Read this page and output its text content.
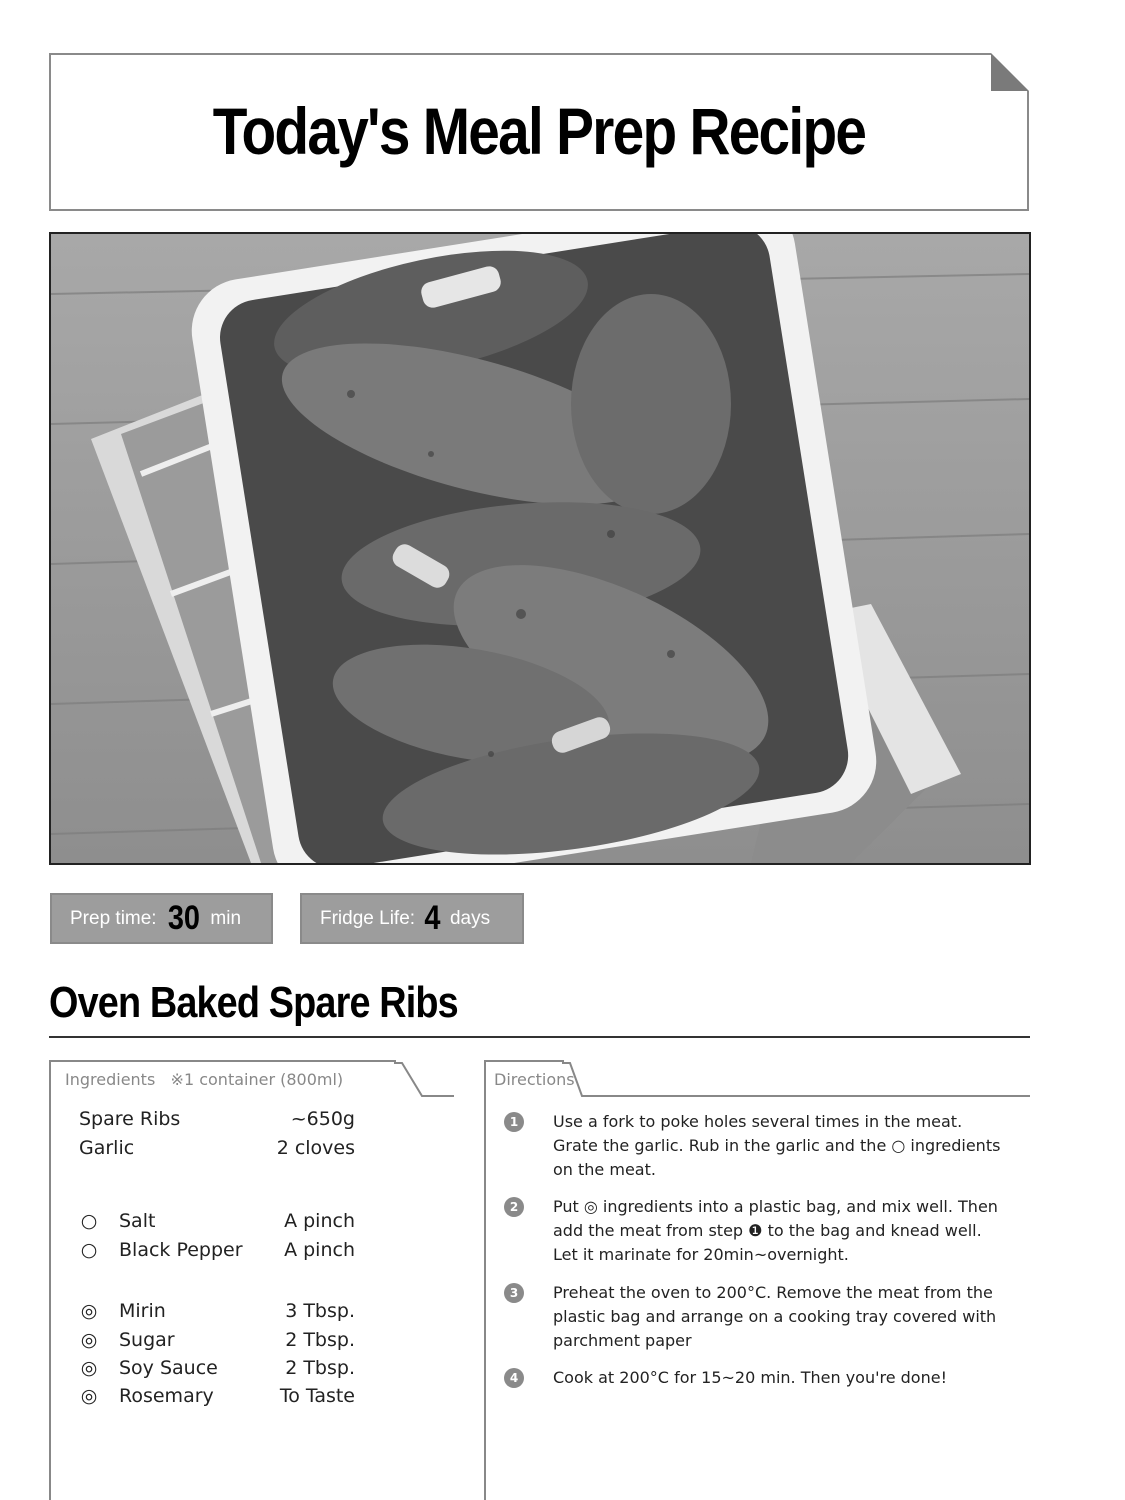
Today's Meal Prep Recipe
Prep time: 30 min	Fridge Life: 4 days
Oven Baked Spare Ribs
Ingredients ※1 container (800ml)
Spare Ribs	~650g
Garlic	2 cloves
○ Salt	A pinch
○ Black Pepper A pinch
◎ Mirin	3 Tbsp.
◎ Sugar	2 Tbsp.
◎ Soy Sauce	2 Tbsp.
◎ Rosemary	To Taste
Directions
1	Use a fork to poke holes several times in the meat. Grate the garlic. Rub in the garlic and the ○ ingredients on the meat.
2	Put ◎ ingredients into a plastic bag, and mix well. Then add the meat from step ❶ to the bag and knead well. Let it marinate for 20min~overnight.
3	Preheat the oven to 200°C. Remove the meat from the plastic bag and arrange on a cooking tray covered with parchment paper
4	Cook at 200°C for 15~20 min. Then you're done!
